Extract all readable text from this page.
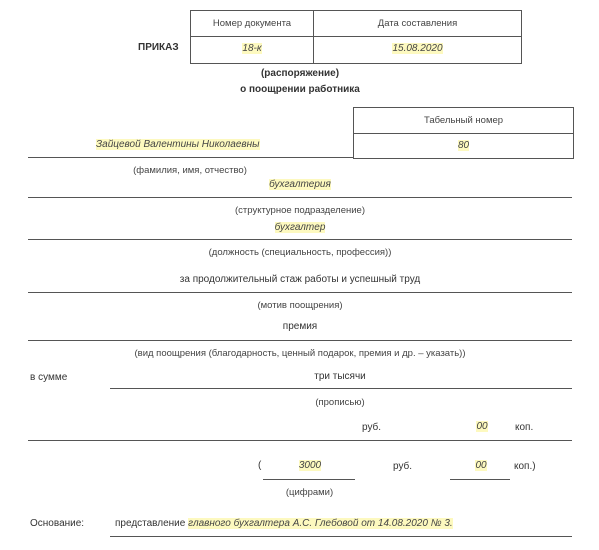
Номер документа	Дата составления
18-к	15.08.2020
ПРИКАЗ
(распоряжение)
о поощрении работника
Табельный номер
80
Зайцевой Валентины Николаевны
(фамилия, имя, отчество)
бухгалтерия
(структурное подразделение)
бухгалтер
(должность (специальность, профессия))
за продолжительный стаж работы и успешный труд
(мотив поощрения)
премия
(вид поощрения (благодарность, ценный подарок, премия и др. – указать))
в сумме	три тысячи
(прописью)
руб.	00	коп.
(	3000	руб.	00	коп.)
(цифрами)
Основание:	представление главного бухгалтера А.С. Глебовой от 14.08.2020 № 3.
